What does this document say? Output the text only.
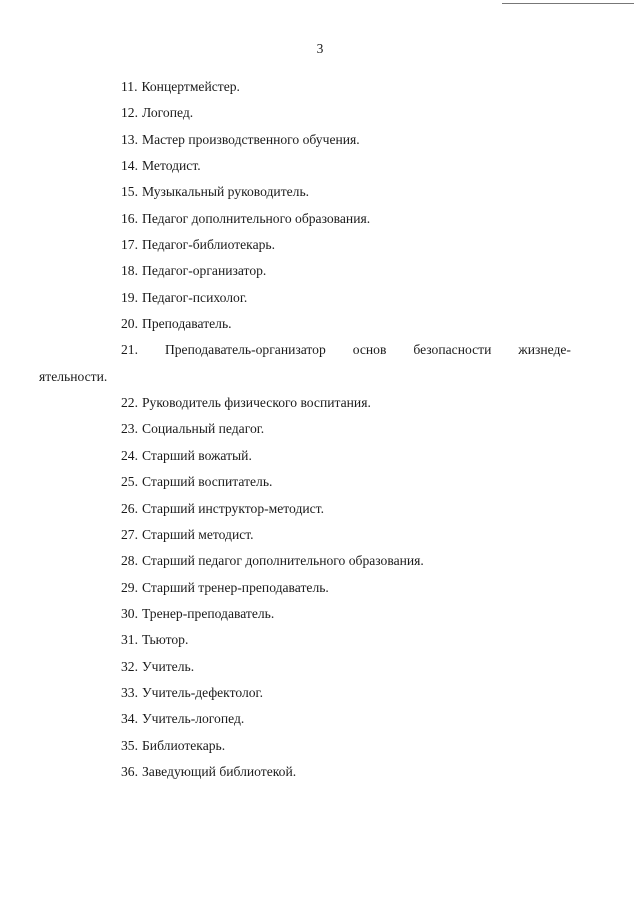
3
11. Концертмейстер.
12. Логопед.
13. Мастер производственного обучения.
14. Методист.
15. Музыкальный руководитель.
16. Педагог дополнительного образования.
17. Педагог-библиотекарь.
18. Педагог-организатор.
19. Педагог-психолог.
20. Преподаватель.
21. Преподаватель-организатор основ безопасности жизнеде-
ятельности.
22. Руководитель физического воспитания.
23. Социальный педагог.
24. Старший вожатый.
25. Старший воспитатель.
26. Старший инструктор-методист.
27. Старший методист.
28. Старший педагог дополнительного образования.
29. Старший тренер-преподаватель.
30. Тренер-преподаватель.
31. Тьютор.
32. Учитель.
33. Учитель-дефектолог.
34. Учитель-логопед.
35. Библиотекарь.
36. Заведующий библиотекой.
